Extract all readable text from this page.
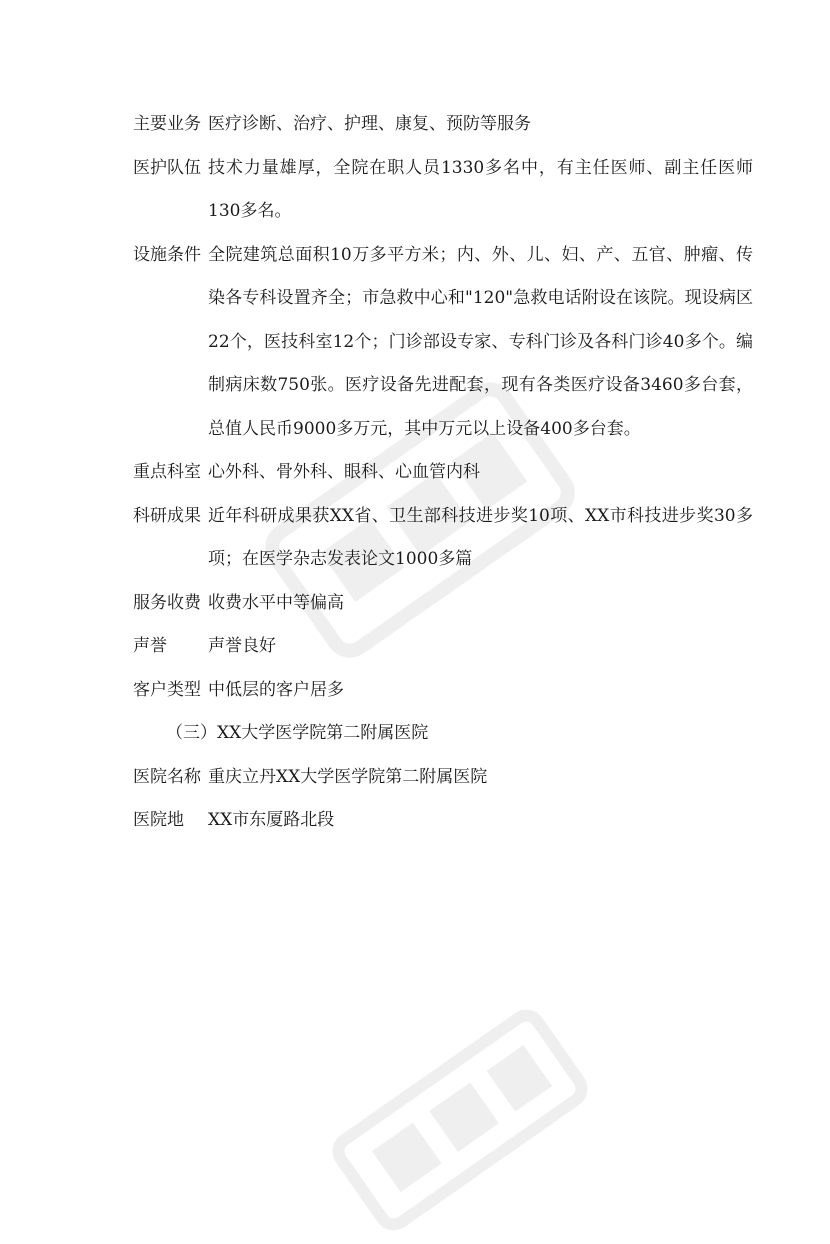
主要业务 医疗诊断、治疗、护理、康复、预防等服务
医护队伍 技术力量雄厚，全院在职人员1330多名中，有主任医师、副主任医师130多名。
设施条件 全院建筑总面积10万多平方米；内、外、儿、妇、产、五官、肿瘤、传染各专科设置齐全；市急救中心和"120"急救电话附设在该院。现设病区22个，医技科室12个；门诊部设专家、专科门诊及各科门诊40多个。编制病床数750张。医疗设备先进配套，现有各类医疗设备3460多台套，总值人民币9000多万元，其中万元以上设备400多台套。
重点科室 心外科、骨外科、眼科、心血管内科
科研成果 近年科研成果获XX省、卫生部科技进步奖10项、XX市科技进步奖30多项；在医学杂志发表论文1000多篇
服务收费 收费水平中等偏高
声誉	声誉良好
客户类型 中低层的客户居多
（三）XX大学医学院第二附属医院
医院名称 重庆立丹XX大学医学院第二附属医院
医院地	XX市东厦路北段
